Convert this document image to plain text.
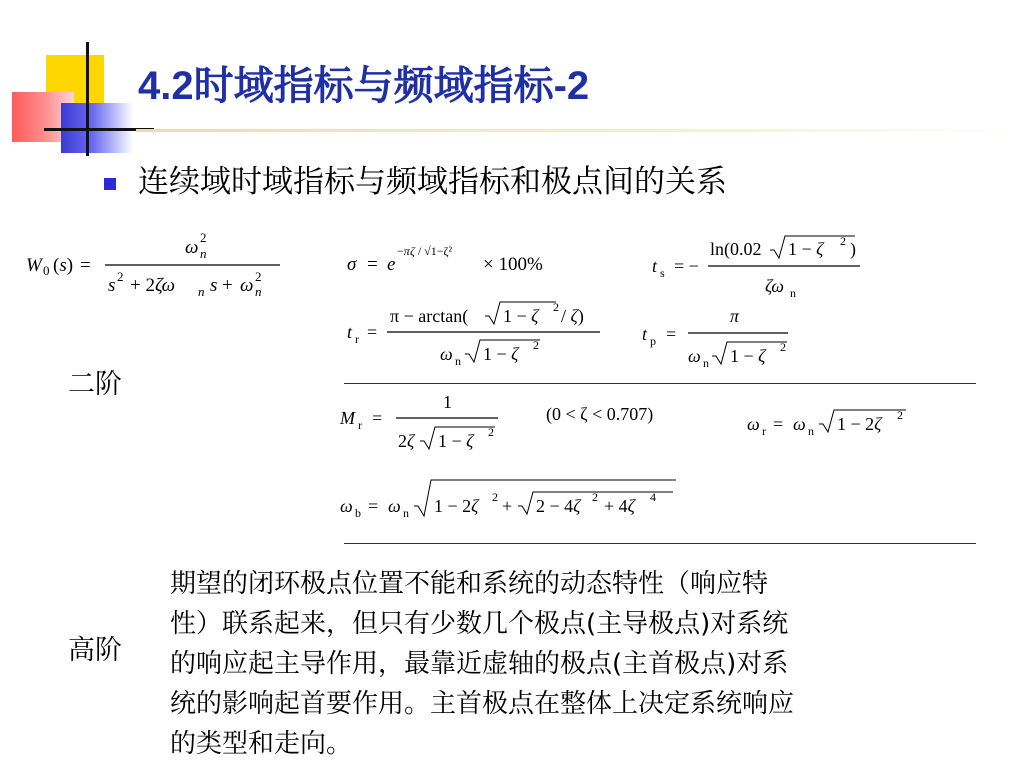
4.2时域指标与频域指标-2
连续域时域指标与频域指标和极点间的关系
W 0 (s) =
ω n
2
s 2 + 2ζω n s + ω n
2
σ = e
−πζ / √1−ζ²
× 100%	t s = −
ln(0.02 1 − ζ 2 )
ζω n
t r =
π − arctan( 1 − ζ 2 / ζ)
ω n 1 − ζ 2
t p =
π
ω n 1 − ζ 2
二阶
M r =
1
2ζ 1 − ζ 2
(0 < ζ < 0.707)	ω r = ω n 1 − 2ζ 2
ω b = ω n 1 − 2ζ 2 + 2 − 4ζ 2 + 4ζ 4
高阶
期望的闭环极点位置不能和系统的动态特性（响应特
性）联系起来，但只有少数几个极点(主导极点)对系统
的响应起主导作用，最靠近虚轴的极点(主首极点)对系
统的影响起首要作用。主首极点在整体上决定系统响应
的类型和走向。
